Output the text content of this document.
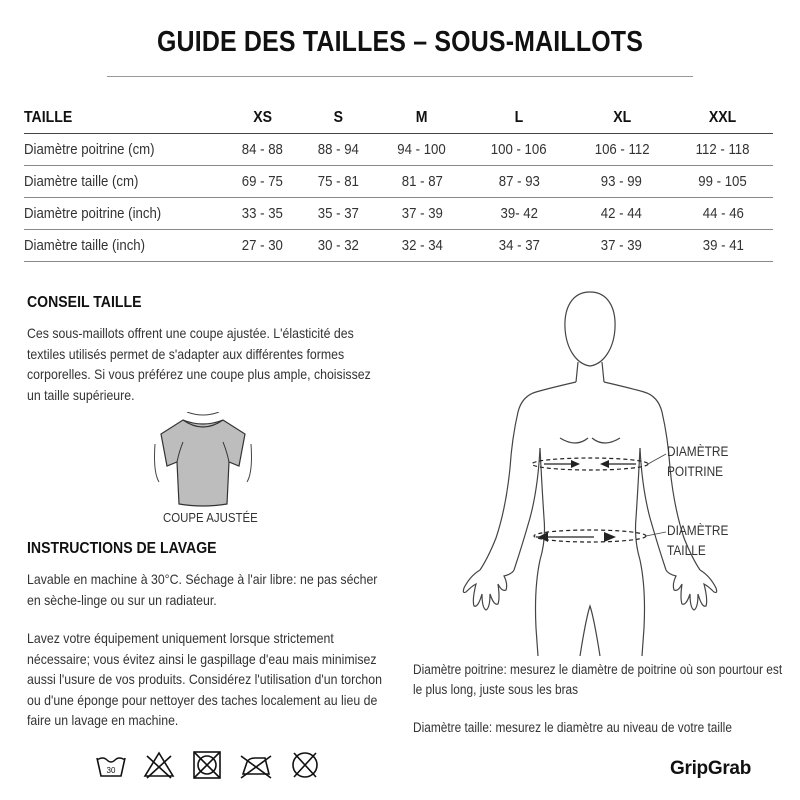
GUIDE DES TAILLES – SOUS-MAILLOTS
TAILLE	XS	S	M	L	XL	XXL
Diamètre poitrine (cm)	84 - 88	88 - 94	94 - 100	100 - 106	106 - 112	112 - 118
Diamètre taille (cm)	69 - 75	75 - 81	81 - 87	87 - 93	93 - 99	99 - 105
Diamètre poitrine (inch)	33 - 35	35 - 37	37 - 39	39- 42	42 - 44	44 - 46
Diamètre taille (inch)	27 - 30	30 - 32	32 - 34	34 - 37	37 - 39	39 - 41
CONSEIL TAILLE
Ces sous-maillots offrent une coupe ajustée. L'élasticité des textiles utilisés permet de s'adapter aux différentes formes corporelles. Si vous préférez une coupe plus ample, choisissez un taille supérieure.
COUPE AJUSTÉE
INSTRUCTIONS DE LAVAGE
Lavable en machine à 30°C. Séchage à l'air libre: ne pas sécher en sèche-linge ou sur un radiateur.
Lavez votre équipement uniquement lorsque strictement nécessaire; vous évitez ainsi le gaspillage d'eau mais minimisez aussi l'usure de vos produits. Considérez l'utilisation d'un torchon ou d'une éponge pour nettoyer des taches localement au lieu de faire un lavage en machine.
30
DIAMÈTRE
POITRINE
DIAMÈTRE
TAILLE
Diamètre poitrine: mesurez le diamètre de poitrine où son pourtour est le plus long, juste sous les bras
Diamètre taille: mesurez le diamètre au niveau de votre taille
GripGrab
